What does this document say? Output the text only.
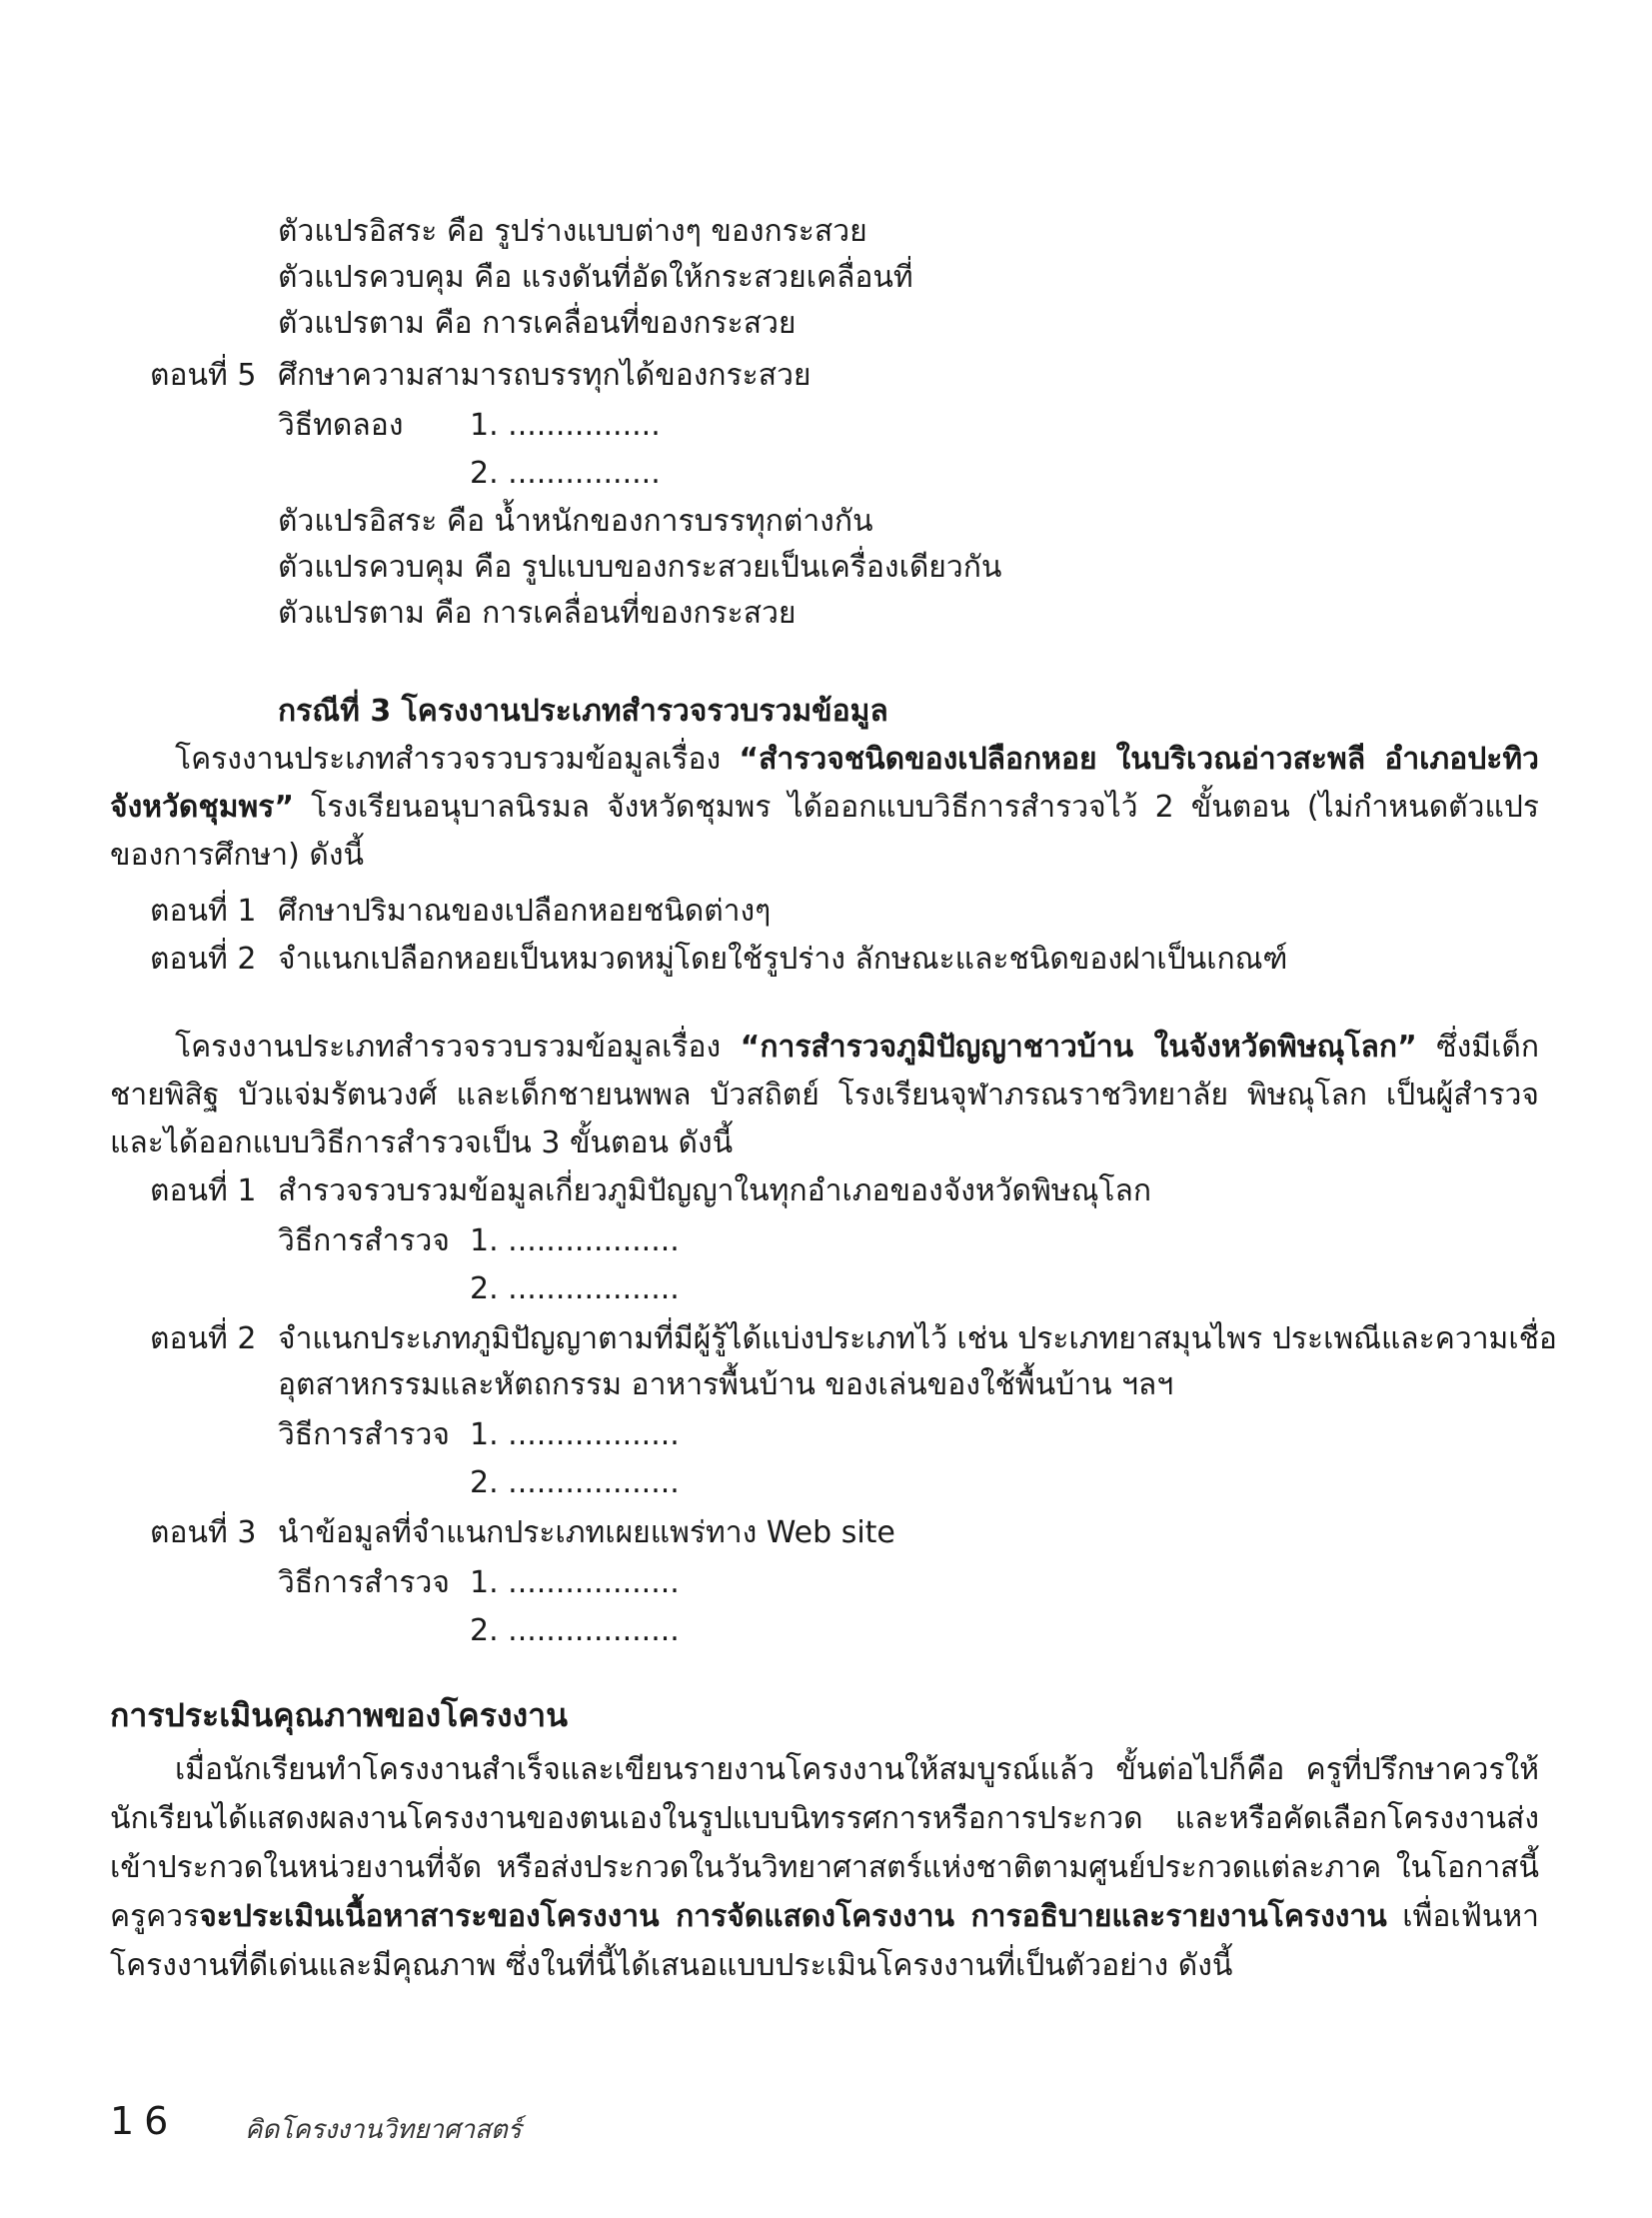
ตัวแปรอิสระ คือ รูปร่างแบบต่างๆ ของกระสวย
ตัวแปรควบคุม คือ แรงดันที่อัดให้กระสวยเคลื่อนที่
ตัวแปรตาม คือ การเคลื่อนที่ของกระสวย
ตอนที่ 5 ศึกษาความสามารถบรรทุกได้ของกระสวย
วิธีทดลอง 1. ................
2. ................
ตัวแปรอิสระ คือ น้ำหนักของการบรรทุกต่างกัน
ตัวแปรควบคุม คือ รูปแบบของกระสวยเป็นเครื่องเดียวกัน
ตัวแปรตาม คือ การเคลื่อนที่ของกระสวย
กรณีที่ 3 โครงงานประเภทสำรวจรวบรวมข้อมูล
โครงงานประเภทสำรวจรวบรวมข้อมูลเรื่อง “สำรวจชนิดของเปลือกหอย ในบริเวณอ่าวสะพลี อำเภอปะทิว จังหวัดชุมพร” โรงเรียนอนุบาลนิรมล จังหวัดชุมพร ได้ออกแบบวิธีการสำรวจไว้ 2 ขั้นตอน (ไม่กำหนดตัวแปรของการศึกษา) ดังนี้
ตอนที่ 1 ศึกษาปริมาณของเปลือกหอยชนิดต่างๆ
ตอนที่ 2 จำแนกเปลือกหอยเป็นหมวดหมู่โดยใช้รูปร่าง ลักษณะและชนิดของฝาเป็นเกณฑ์
โครงงานประเภทสำรวจรวบรวมข้อมูลเรื่อง “การสำรวจภูมิปัญญาชาวบ้าน ในจังหวัดพิษณุโลก” ซึ่งมีเด็กชายพิสิฐ บัวแจ่มรัตนวงศ์ และเด็กชายนพพล บัวสถิตย์ โรงเรียนจุฬาภรณราชวิทยาลัย พิษณุโลก เป็นผู้สำรวจ และได้ออกแบบวิธีการสำรวจเป็น 3 ขั้นตอน ดังนี้
ตอนที่ 1 สำรวจรวบรวมข้อมูลเกี่ยวภูมิปัญญาในทุกอำเภอของจังหวัดพิษณุโลก
วิธีการสำรวจ 1. ..................
2. ..................
ตอนที่ 2 จำแนกประเภทภูมิปัญญาตามที่มีผู้รู้ได้แบ่งประเภทไว้ เช่น ประเภทยาสมุนไพร ประเพณีและความเชื่อ
อุตสาหกรรมและหัตถกรรม อาหารพื้นบ้าน ของเล่นของใช้พื้นบ้าน ฯลฯ
วิธีการสำรวจ 1. ..................
2. ..................
ตอนที่ 3 นำข้อมูลที่จำแนกประเภทเผยแพร่ทาง Web site
วิธีการสำรวจ 1. ..................
2. ..................
การประเมินคุณภาพของโครงงาน
เมื่อนักเรียนทำโครงงานสำเร็จและเขียนรายงานโครงงานให้สมบูรณ์แล้ว ขั้นต่อไปก็คือ ครูที่ปรึกษาควรให้นักเรียนได้แสดงผลงานโครงงานของตนเองในรูปแบบนิทรรศการหรือการประกวด และหรือคัดเลือกโครงงานส่งเข้าประกวดในหน่วยงานที่จัด หรือส่งประกวดในวันวิทยาศาสตร์แห่งชาติตามศูนย์ประกวดแต่ละภาค ในโอกาสนี้ ครูควรจะประเมินเนื้อหาสาระของโครงงาน การจัดแสดงโครงงาน การอธิบายและรายงานโครงงาน เพื่อเฟ้นหาโครงงานที่ดีเด่นและมีคุณภาพ ซึ่งในที่นี้ได้เสนอแบบประเมินโครงงานที่เป็นตัวอย่าง ดังนี้
16	คิดโครงงานวิทยาศาสตร์
